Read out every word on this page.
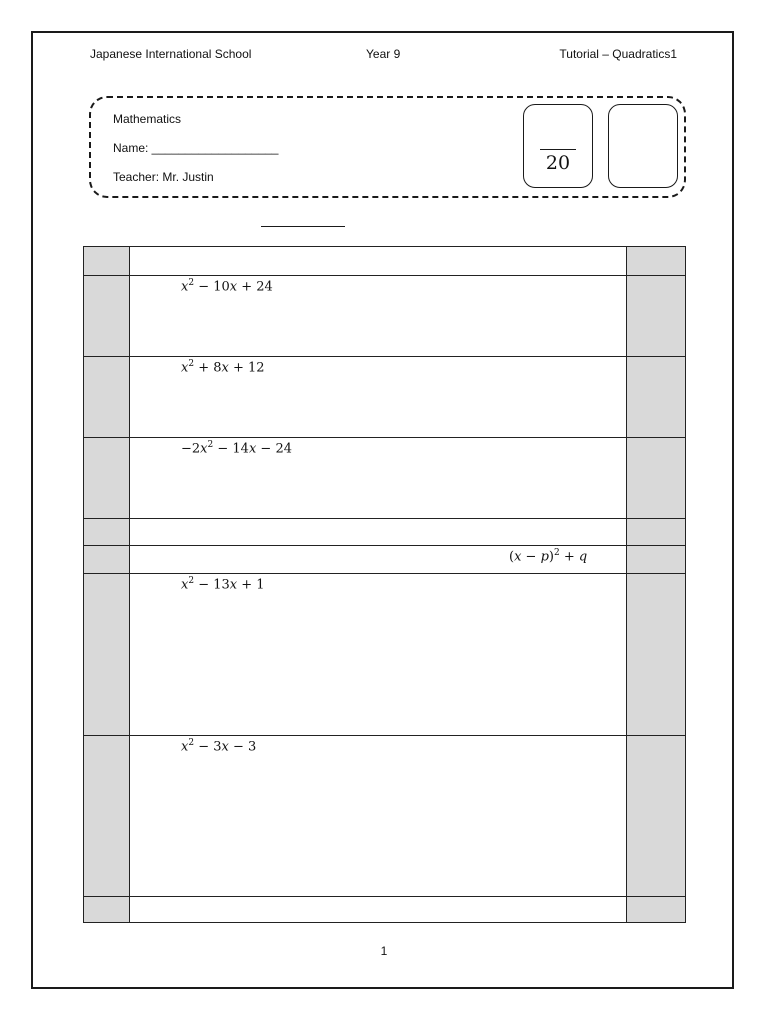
Japanese International School	Year 9	Tutorial – Quadratics1
Mathematics
Name: ___________________
Teacher: Mr. Justin
20
$x^2 - 10x + 24$
$x^2 + 8x + 12$
$-2x^2 - 14x - 24$
$(x - p)^2 + q$
$x^2 - 13x + 1$
$x^2 - 3x - 3$
1
